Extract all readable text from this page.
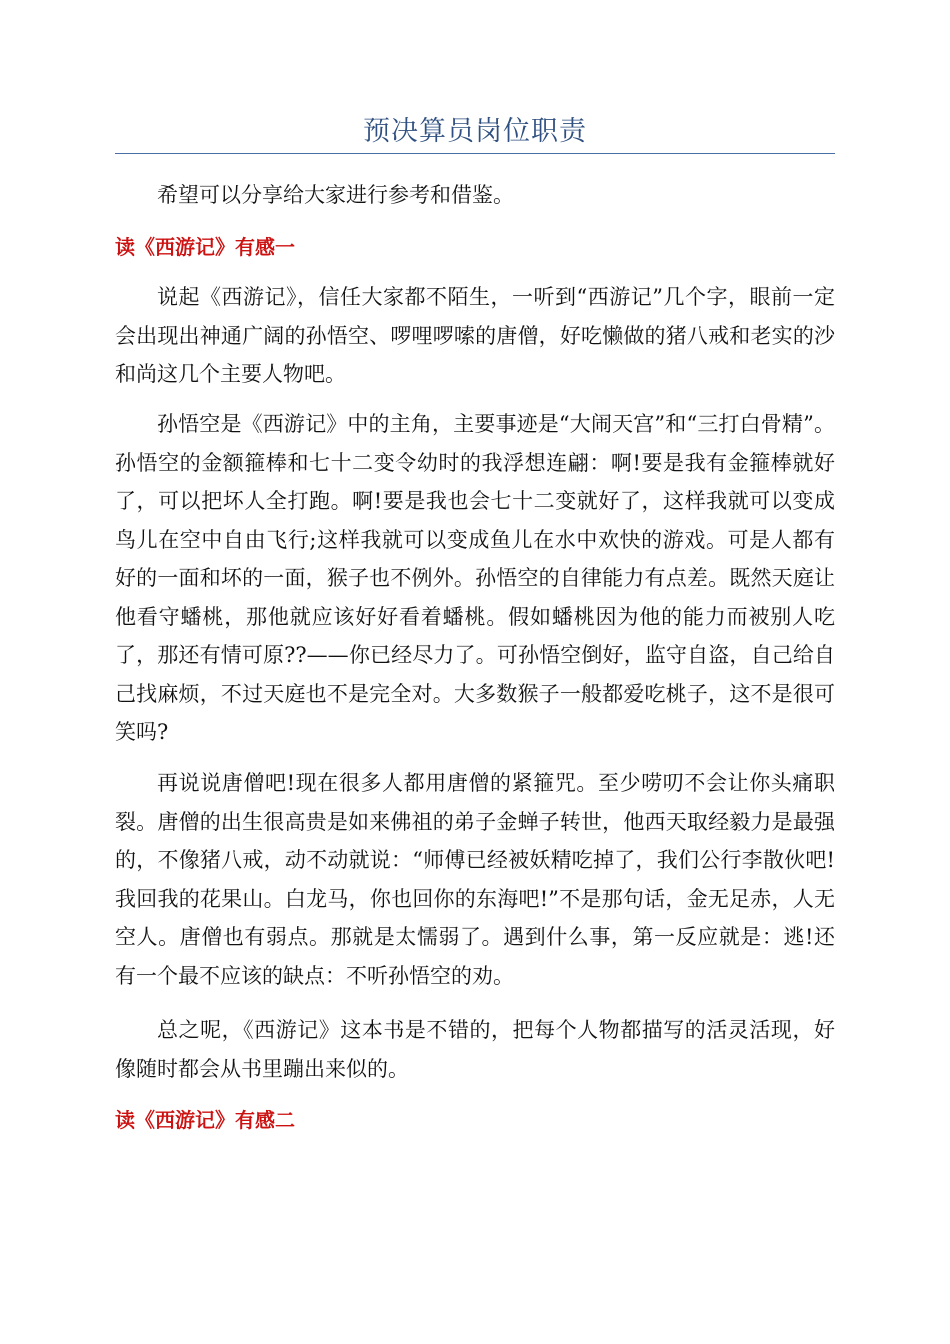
预决算员岗位职责

希望可以分享给大家进行参考和借鉴。

读《西游记》有感一

说起《西游记》，信任大家都不陌生，一听到“西游记”几个字，眼前一定会出现出神通广阔的孙悟空、啰哩啰嗦的唐僧，好吃懒做的猪八戒和老实的沙和尚这几个主要人物吧。

孙悟空是《西游记》中的主角，主要事迹是“大闹天宫”和“三打白骨精”。孙悟空的金额箍棒和七十二变令幼时的我浮想连翩：啊!要是我有金箍棒就好了，可以把坏人全打跑。啊!要是我也会七十二变就好了，这样我就可以变成鸟儿在空中自由飞行;这样我就可以变成鱼儿在水中欢快的游戏。可是人都有好的一面和坏的一面，猴子也不例外。孙悟空的自律能力有点差。既然天庭让他看守蟠桃，那他就应该好好看着蟠桃。假如蟠桃因为他的能力而被别人吃了，那还有情可原??——你已经尽力了。可孙悟空倒好，监守自盗，自己给自己找麻烦，不过天庭也不是完全对。大多数猴子一般都爱吃桃子，这不是很可笑吗?

再说说唐僧吧!现在很多人都用唐僧的紧箍咒。至少唠叨不会让你头痛职裂。唐僧的出生很高贵是如来佛祖的弟子金蝉子转世，他西天取经毅力是最强的，不像猪八戒，动不动就说：“师傅已经被妖精吃掉了，我们公行李散伙吧!我回我的花果山。白龙马，你也回你的东海吧!”不是那句话，金无足赤，人无空人。唐僧也有弱点。那就是太懦弱了。遇到什么事，第一反应就是：逃!还有一个最不应该的缺点：不听孙悟空的劝。

总之呢，《西游记》这本书是不错的，把每个人物都描写的活灵活现，好像随时都会从书里蹦出来似的。

读《西游记》有感二
